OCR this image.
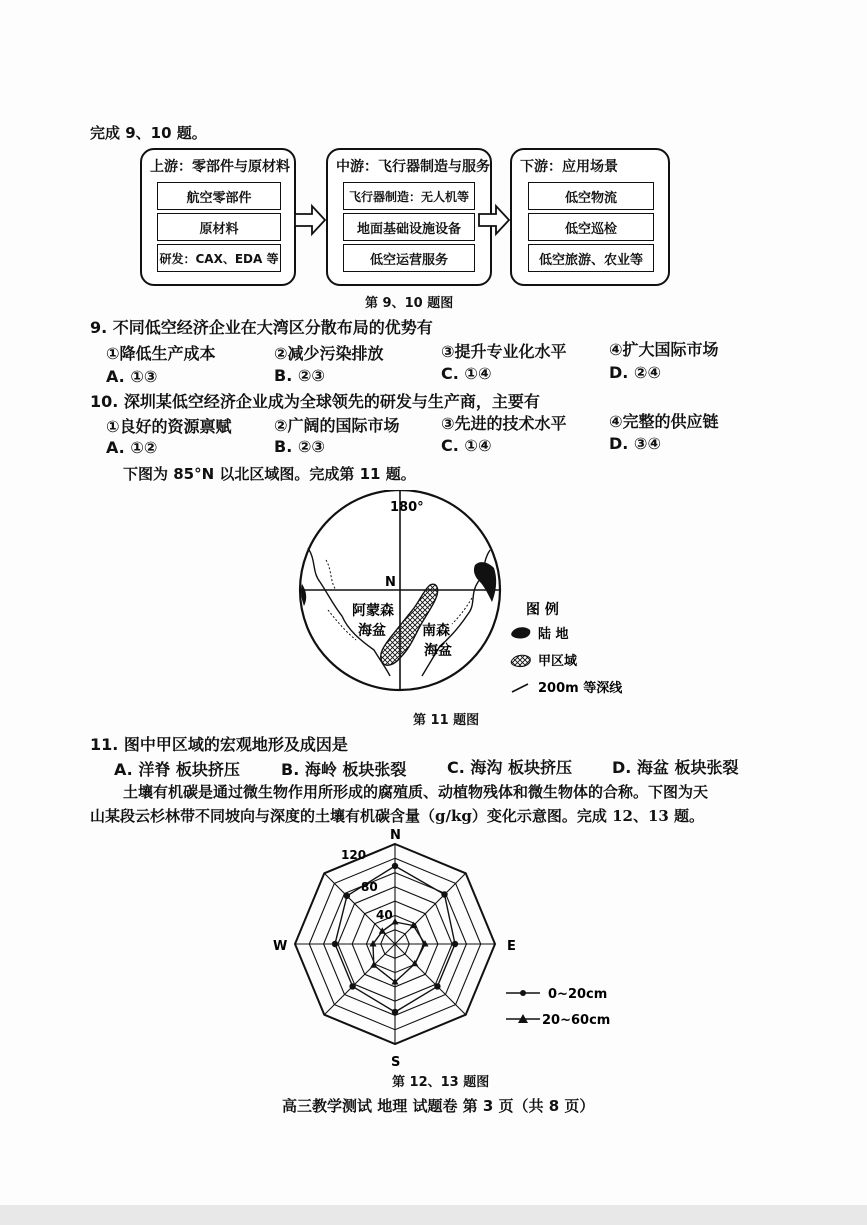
完成 9、10 题。
上游：零部件与原材料
航空零部件
原材料
研发：CAX、EDA 等
中游：飞行器制造与服务
飞行器制造：无人机等
地面基础设施设备
低空运营服务
下游：应用场景
低空物流
低空巡检
低空旅游、农业等
第 9、10 题图
9. 不同低空经济企业在大湾区分散布局的优势有
①降低生产成本	②减少污染排放	③提升专业化水平	④扩大国际市场
A. ①③	B. ②③	C. ①④	D. ②④
10. 深圳某低空经济企业成为全球领先的研发与生产商，主要有
①良好的资源禀赋	②广阔的国际市场	③先进的技术水平	④完整的供应链
A. ①②	B. ②③	C. ①④	D. ③④
下图为 85°N 以北区域图。完成第 11 题。
180°
N
阿蒙森
海盆	南森
海盆
图 例
陆 地
甲区域
200m 等深线
第 11 题图
11. 图中甲区域的宏观地形及成因是
A. 洋脊 板块挤压	B. 海岭 板块张裂	C. 海沟 板块挤压	D. 海盆 板块张裂
土壤有机碳是通过微生物作用所形成的腐殖质、动植物残体和微生物体的合称。下图为天
山某段云杉林带不同坡向与深度的土壤有机碳含量（g/kg）变化示意图。完成 12、13 题。
N
E
S
W
120
80
40
0~20cm
20~60cm
第 12、13 题图
高三教学测试 地理 试题卷 第 3 页（共 8 页）
